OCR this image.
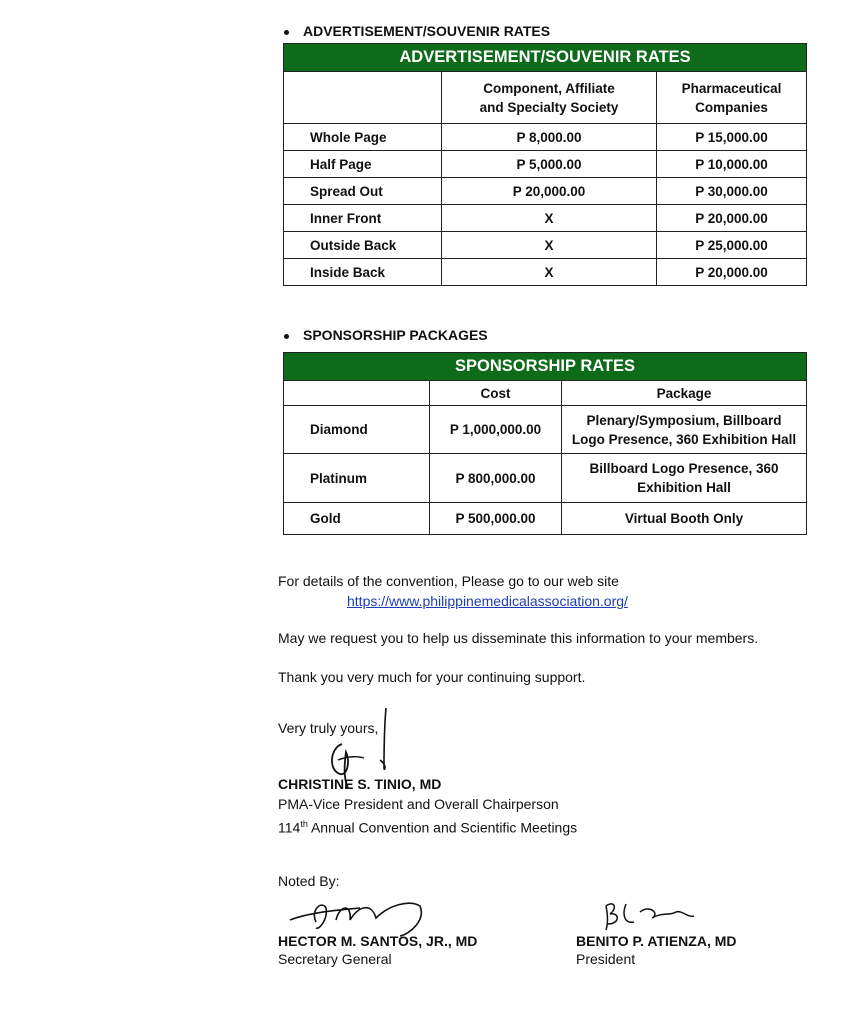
ADVERTISEMENT/SOUVENIR RATES
ADVERTISEMENT/SOUVENIR RATES		
	Component, Affiliate
and Specialty Society	Pharmaceutical
Companies
Whole Page	P 8,000.00	P 15,000.00
Half Page	P 5,000.00	P 10,000.00
Spread Out	P 20,000.00	P 30,000.00
Inner Front	X	P 20,000.00
Outside Back	X	P 25,000.00
Inside Back	X	P 20,000.00
SPONSORSHIP PACKAGES
SPONSORSHIP RATES		
	Cost	Package
Diamond	P 1,000,000.00	Plenary/Symposium, Billboard
Logo Presence, 360 Exhibition Hall
Platinum	P 800,000.00	Billboard Logo Presence, 360
Exhibition Hall
Gold	P 500,000.00	Virtual Booth Only
For details of the convention, Please go to our web site
https://www.philippinemedicalassociation.org/
May we request you to help us disseminate this information to your members.
Thank you very much for your continuing support.
Very truly yours,
CHRISTINE S. TINIO, MD
PMA-Vice President and Overall Chairperson
114th Annual Convention and Scientific Meetings
Noted By:
HECTOR M. SANTOS, JR., MD
Secretary General
BENITO P. ATIENZA, MD
President
